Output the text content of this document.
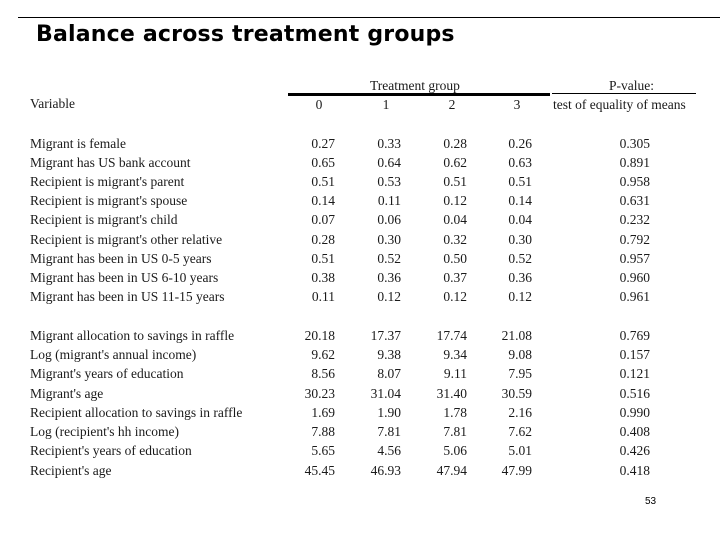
Balance across treatment groups
Treatment group	P-value:
test of equality of means
Variable	0	1	2	3
Migrant is female	0.27	0.33	0.28	0.26	0.305
Migrant has US bank account	0.65	0.64	0.62	0.63	0.891
Recipient is migrant's parent	0.51	0.53	0.51	0.51	0.958
Recipient is migrant's spouse	0.14	0.11	0.12	0.14	0.631
Recipient is migrant's child	0.07	0.06	0.04	0.04	0.232
Recipient is migrant's other relative	0.28	0.30	0.32	0.30	0.792
Migrant has been in US 0-5 years	0.51	0.52	0.50	0.52	0.957
Migrant has been in US 6-10 years	0.38	0.36	0.37	0.36	0.960
Migrant has been in US 11-15 years	0.11	0.12	0.12	0.12	0.961
Migrant allocation to savings in raffle	20.18	17.37	17.74	21.08	0.769
Log (migrant's annual income)	9.62	9.38	9.34	9.08	0.157
Migrant's years of education	8.56	8.07	9.11	7.95	0.121
Migrant's age	30.23	31.04	31.40	30.59	0.516
Recipient allocation to savings in raffle	1.69	1.90	1.78	2.16	0.990
Log (recipient's hh income)	7.88	7.81	7.81	7.62	0.408
Recipient's years of education	5.65	4.56	5.06	5.01	0.426
Recipient's age	45.45	46.93	47.94	47.99	0.418
53
